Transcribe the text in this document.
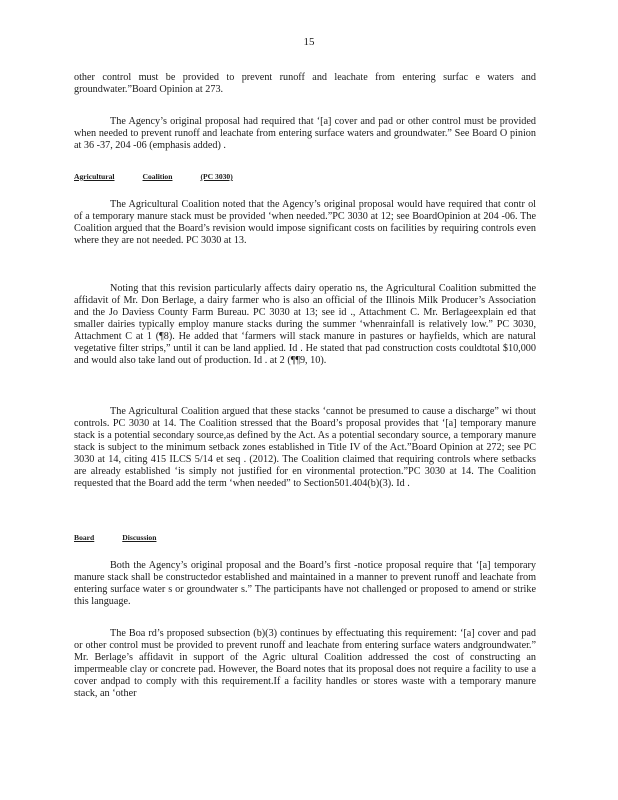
15

other control must be provided to prevent runoff and leachate from entering surfac e waters and groundwater.”Board Opinion at 273.

The Agency’s original proposal had required that ‘[a] cover and pad or other control must be provided when needed to prevent runoff and leachate from entering surface waters and groundwater.” See Board O pinion at 36 -37, 204 -06 (emphasis added) .

Agricultural	Coalition	(PC 3030)

The Agricultural Coalition noted that the Agency’s original proposal would have required that contr ol of a temporary manure stack must be provided ‘when needed.”PC 3030 at 12; see BoardOpinion at 204 -06. The Coalition argued that the Board’s revision would impose significant costs on facilities by requiring controls even where they are not needed. PC 3030 at 13.

Noting that this revision particularly affects dairy operatio ns, the Agricultural Coalition submitted the affidavit of Mr. Don Berlage, a dairy farmer who is also an official of the Illinois Milk Producer’s Association and the Jo Daviess County Farm Bureau. PC 3030 at 13; see id ., Attachment C. Mr. Berlageexplain ed that smaller dairies typically employ manure stacks during the summer ‘whenrainfall is relatively low.” PC 3030, Attachment C at 1 (¶8). He added that ‘farmers will stack manure in pastures or hayfields, which are natural vegetative filter strips,” until it can be land applied. Id . He stated that pad construction costs couldtotal $10,000 and would also take land out of production. Id . at 2 (¶¶9, 10).

The Agricultural Coalition argued that these stacks ‘cannot be presumed to cause a discharge” wi thout controls. PC 3030 at 14. The Coalition stressed that the Board’s proposal provides that ‘[a] temporary manure stack is a potential secondary source,as defined by the Act. As a potential secondary source, a temporary manure stack is subject to the minimum setback zones established in Title IV of the Act.”Board Opinion at 272; see PC 3030 at 14, citing 415 ILCS 5/14 et seq . (2012). The Coalition claimed that requiring controls where setbacks are already established ‘is simply not justified for en vironmental protection.”PC 3030 at 14. The Coalition requested that the Board add the term ‘when needed” to Section501.404(b)(3). Id .

Board	Discussion

Both the Agency’s original proposal and the Board’s first -notice proposal require that ‘[a] temporary manure stack shall be constructedor established and maintained in a manner to prevent runoff and leachate from entering surface water s or groundwater s.” The participants have not challenged or proposed to amend or strike this language.

The Boa rd’s proposed subsection (b)(3) continues by effectuating this requirement: ‘[a] cover and pad or other control must be provided to prevent runoff and leachate from entering surface waters andgroundwater.” Mr. Berlage’s affidavit in support of the Agric ultural Coalition addressed the cost of constructing an impermeable clay or concrete pad. However, the Board notes that its proposal does not require a facility to use a cover andpad to comply with this requirement.If a facility handles or stores waste with a temporary manure stack, an ‘other
